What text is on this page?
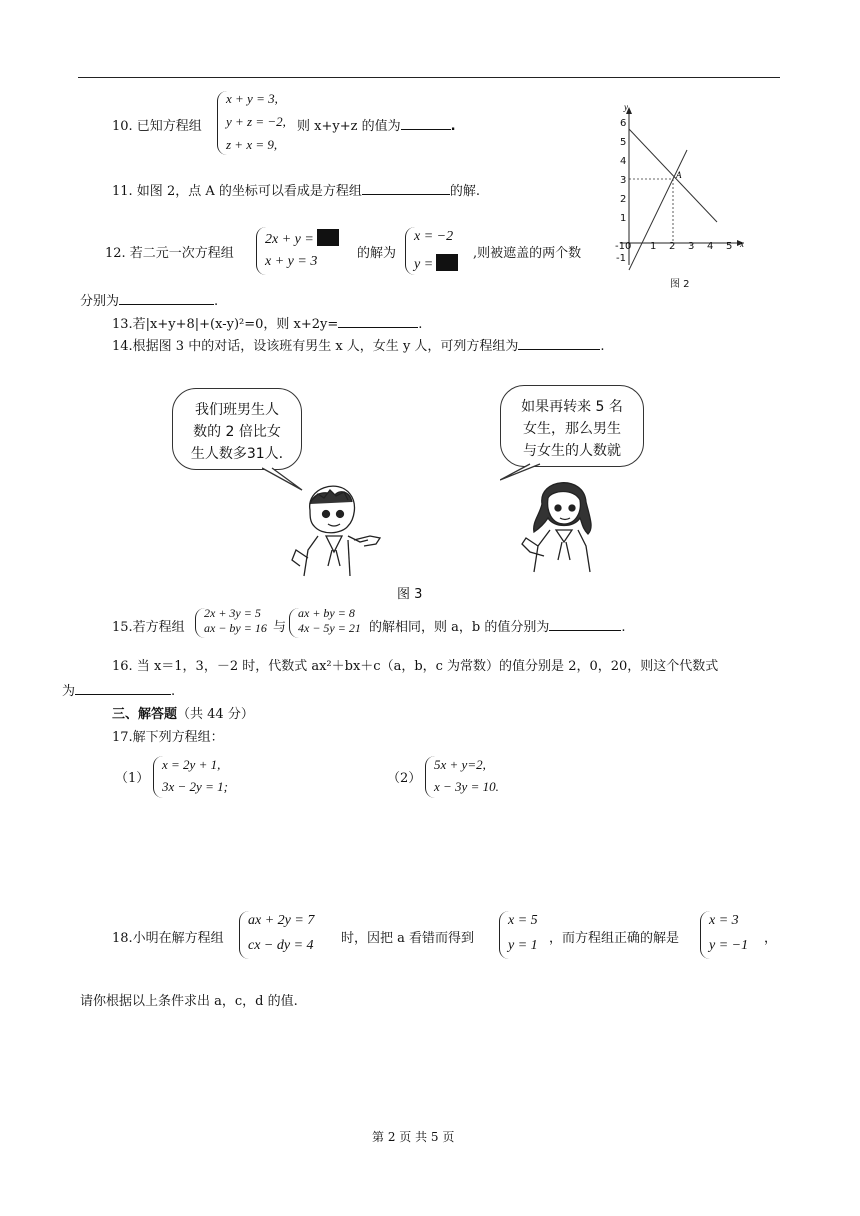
10. 已知方程组
x + y = 3,
y + z = −2,
z + x = 9,
则 x+y+z 的值为	.
11. 如图 2，点 A 的坐标可以看成是方程组	的解.
12. 若二元一次方程组
2x + y =
x + y = 3
的解为
x = −2
y =
,则被遮盖的两个数
分别为	.
13.若|x+y+8|+(x-y)²=0，则 x+2y=	.
14.根据图 3 中的对话，设该班有男生 x 人，女生 y 人，可列方程组为	.
y
x
6
5
4
3
2
1
-1
-1 0 1 2 3 4 5
A
图 2
我们班男生人
数的 2 倍比女
生人数多31人.
如果再转来 5 名
女生，那么男生
与女生的人数就
图 3
15.若方程组
2x + 3y = 5
ax − by = 16 与
ax + by = 8
4x − 5y = 21 的解相同，则 a，b 的值分别为	.
16. 当 x＝1，3，－2 时，代数式 ax²＋bx＋c（a，b，c 为常数）的值分别是 2，0，20，则这个代数式
为	.
三、解答题（共 44 分）
17.解下列方程组：
（1）
x = 2y + 1,
3x − 2y = 1;
（2）
5x + y=2,
x − 3y = 10.
18.小明在解方程组
ax + 2y = 7
cx − dy = 4 时，因把 a 看错而得到
x = 5
y = 1 ，而方程组正确的解是
x = 3
y = −1 ，
请你根据以上条件求出 a，c，d 的值.
第 2 页 共 5 页
